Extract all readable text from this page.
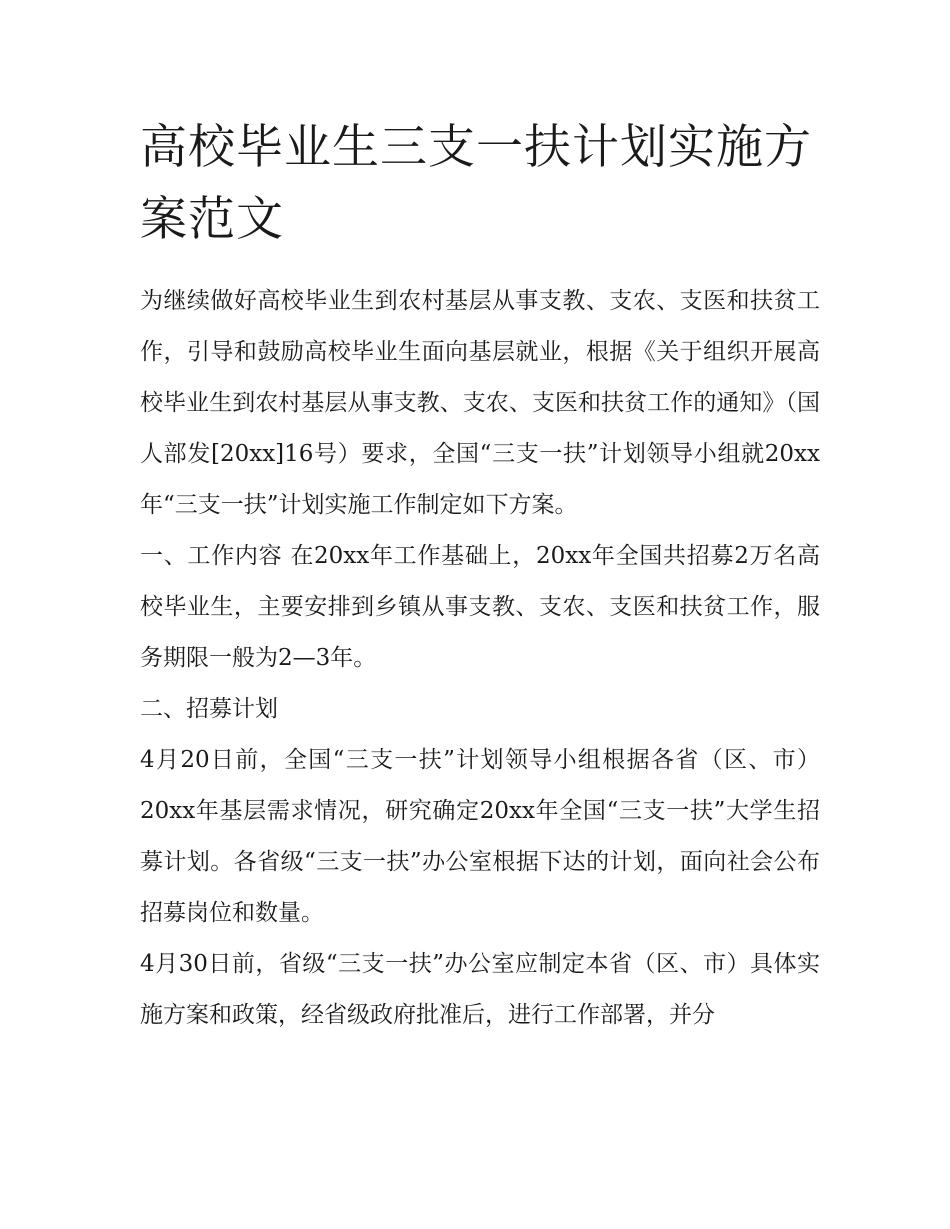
高校毕业生三支一扶计划实施方案范文

为继续做好高校毕业生到农村基层从事支教、支农、支医和扶贫工作，引导和鼓励高校毕业生面向基层就业，根据《关于组织开展高校毕业生到农村基层从事支教、支农、支医和扶贫工作的通知》（国人部发[20xx]16号）要求，全国“三支一扶”计划领导小组就20xx年“三支一扶”计划实施工作制定如下方案。

一、工作内容 在20xx年工作基础上，20xx年全国共招募2万名高校毕业生，主要安排到乡镇从事支教、支农、支医和扶贫工作，服务期限一般为2—3年。

二、招募计划

4月20日前，全国“三支一扶”计划领导小组根据各省（区、市）20xx年基层需求情况，研究确定20xx年全国“三支一扶”大学生招募计划。各省级“三支一扶”办公室根据下达的计划，面向社会公布招募岗位和数量。

4月30日前，省级“三支一扶”办公室应制定本省（区、市）具体实施方案和政策，经省级政府批准后，进行工作部署，并分
